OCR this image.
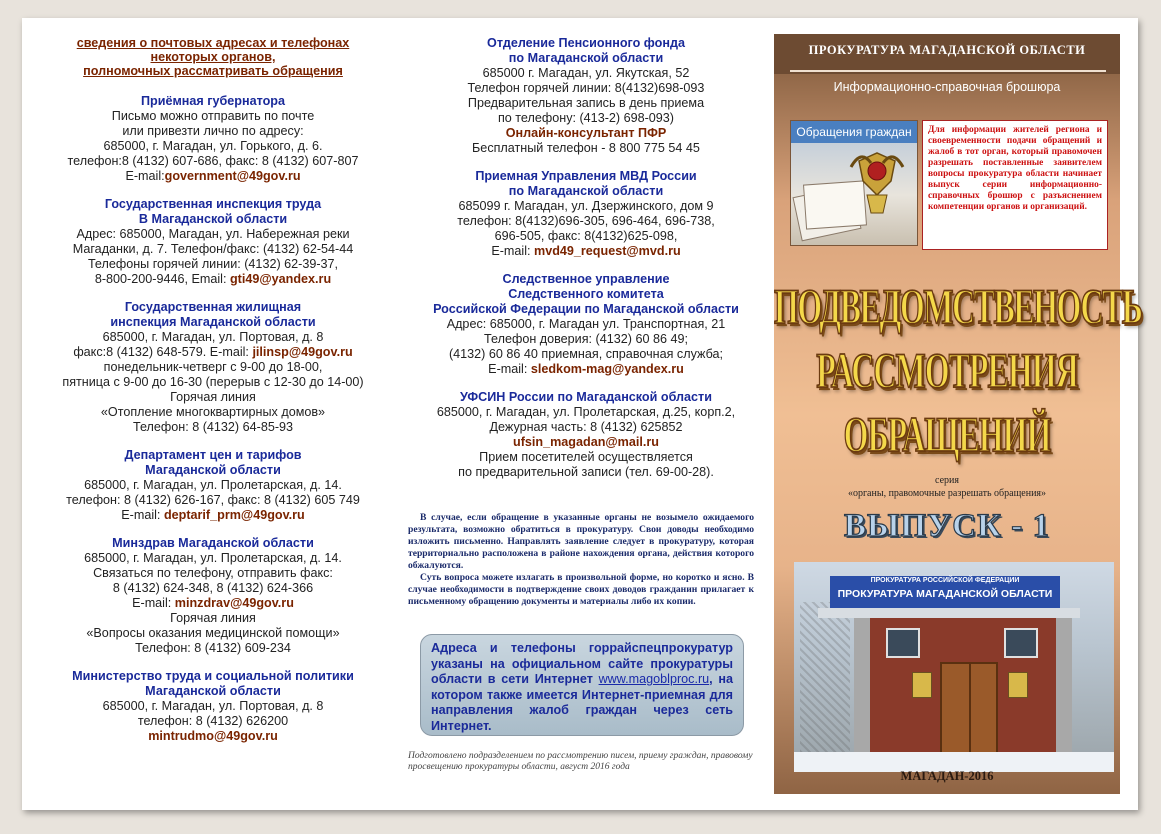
сведения о почтовых адресах и телефонах
некоторых органов,
полномочных рассматривать обращения
Приёмная губернатора
Письмо можно отправить по почте
или привезти лично по адресу:
685000, г. Магадан, ул. Горького, д. 6.
телефон:8 (4132) 607-686, факс: 8 (4132) 607-807
E-mail:government@49gov.ru
Государственная инспекция труда
В Магаданской области
Адрес: 685000, Магадан, ул. Набережная реки
Магаданки, д. 7. Телефон/факс: (4132) 62-54-44
Телефоны горячей линии: (4132) 62-39-37,
8-800-200-9446, Email: gti49@yandex.ru
Государственная жилищная
инспекция Магаданской области
685000, г. Магадан, ул. Портовая, д. 8
факс:8 (4132) 648-579. E-mail: jilinsp@49gov.ru
понедельник-четверг с 9-00 до 18-00,
пятница с 9-00 до 16-30 (перерыв с 12-30 до 14-00)
Горячая линия
«Отопление многоквартирных домов»
Телефон: 8 (4132) 64-85-93
Департамент цен и тарифов
Магаданской области
685000, г. Магадан, ул. Пролетарская, д. 14.
телефон: 8 (4132) 626-167, факс: 8 (4132) 605 749
E-mail: deptarif_prm@49gov.ru
Минздрав Магаданской области
685000, г. Магадан, ул. Пролетарская, д. 14.
Связаться по телефону, отправить факс:
8 (4132) 624-348, 8 (4132) 624-366
E-mail: minzdrav@49gov.ru
Горячая линия
«Вопросы оказания медицинской помощи»
Телефон: 8 (4132) 609-234
Министерство труда и социальной политики
Магаданской области
685000, г. Магадан, ул. Портовая, д. 8
телефон: 8 (4132) 626200
mintrudmo@49gov.ru
Отделение Пенсионного фонда
по Магаданской области
685000 г. Магадан, ул. Якутская, 52
Телефон горячей линии: 8(4132)698-093
Предварительная запись в день приема
по телефону: (413-2) 698-093)
Онлайн-консультант ПФР
Бесплатный телефон - 8 800 775 54 45
Приемная Управления МВД России
по Магаданской области
685099 г. Магадан, ул. Дзержинского, дом 9
телефон: 8(4132)696-305, 696-464, 696-738,
696-505, факс: 8(4132)625-098,
E-mail: mvd49_request@mvd.ru
Следственное управление
Следственного комитета
Российской Федерации по Магаданской области
Адрес: 685000, г. Магадан ул. Транспортная, 21
Телефон доверия: (4132) 60 86 49;
(4132) 60 86 40 приемная, справочная служба;
E-mail: sledkom-mag@yandex.ru
УФСИН России по Магаданской области
685000, г. Магадан, ул. Пролетарская, д.25, корп.2,
Дежурная часть: 8 (4132) 625852
ufsin_magadan@mail.ru
Прием посетителей осуществляется
по предварительной записи (тел. 69-00-28).

В случае, если обращение в указанные органы не возымело ожидаемого результата, возможно обратиться в прокуратуру. Свои доводы необходимо изложить письменно. Направлять заявление следует в прокуратуру, которая территориально расположена в районе нахождения органа, действия которого обжалуются.

Суть вопроса можете излагать в произвольной форме, но коротко и ясно. В случае необходимости в подтверждение своих доводов гражданин прилагает к письменному обращению документы и материалы либо их копии.

Адреса и телефоны горрайспецпрокуратур указаны на официальном сайте прокуратуры области в сети Интернет www.magoblproc.ru, на котором также имеется Интернет-приемная для направления жалоб граждан через сеть Интернет.
Подготовлено подразделением по рассмотрению писем, приему граждан, правовому просвещению прокуратуры области, август 2016 года
ПРОКУРАТУРА МАГАДАНСКОЙ ОБЛАСТИ
Информационно-справочная брошюра
Обращения граждан	Для информации жителей региона и своевременности подачи обращений и жалоб в тот орган, который правомочен разрешать поставленные заявителем вопросы прокуратура области начинает выпуск серии информационно-справочных брошюр с разъяснением компетенции органов и организаций.
ПОДВЕДОМСТВЕНОСТЬ
РАССМОТРЕНИЯ
ОБРАЩЕНИЙ
серия
«органы, правомочные разрешать обращения»
ВЫПУСК - 1
ПРОКУРАТУРА РОССИЙСКОЙ ФЕДЕРАЦИИ
ПРОКУРАТУРА МАГАДАНСКОЙ ОБЛАСТИ
МАГАДАН-2016
